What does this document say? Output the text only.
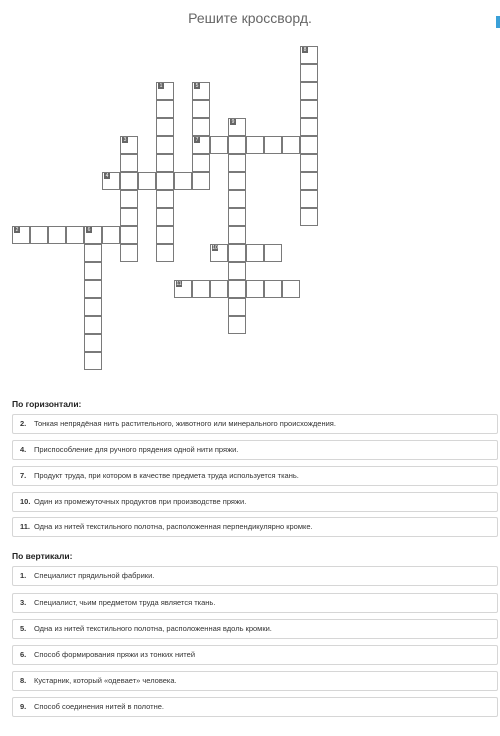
Решите кроссворд.
8
1	5
7
3
9
6
4
2
10
11
По горизонтали:
2. Тонкая непрядёная нить растительного, животного или минерального происхождения.
4. Приспособление для ручного прядения одной нити пряжи.
7. Продукт труда, при котором в качестве предмета труда используется ткань.
10. Один из промежуточных продуктов при производстве пряжи.
11. Одна из нитей текстильного полотна, расположенная перпендикулярно кромке.
По вертикали:
1. Специалист прядильной фабрики.
3. Специалист, чьим предметом труда является ткань.
5. Одна из нитей текстильного полотна, расположенная вдоль кромки.
6. Способ формирования пряжи из тонких нитей
8. Кустарник, который «одевает» человека.
9. Способ соединения нитей в полотне.
